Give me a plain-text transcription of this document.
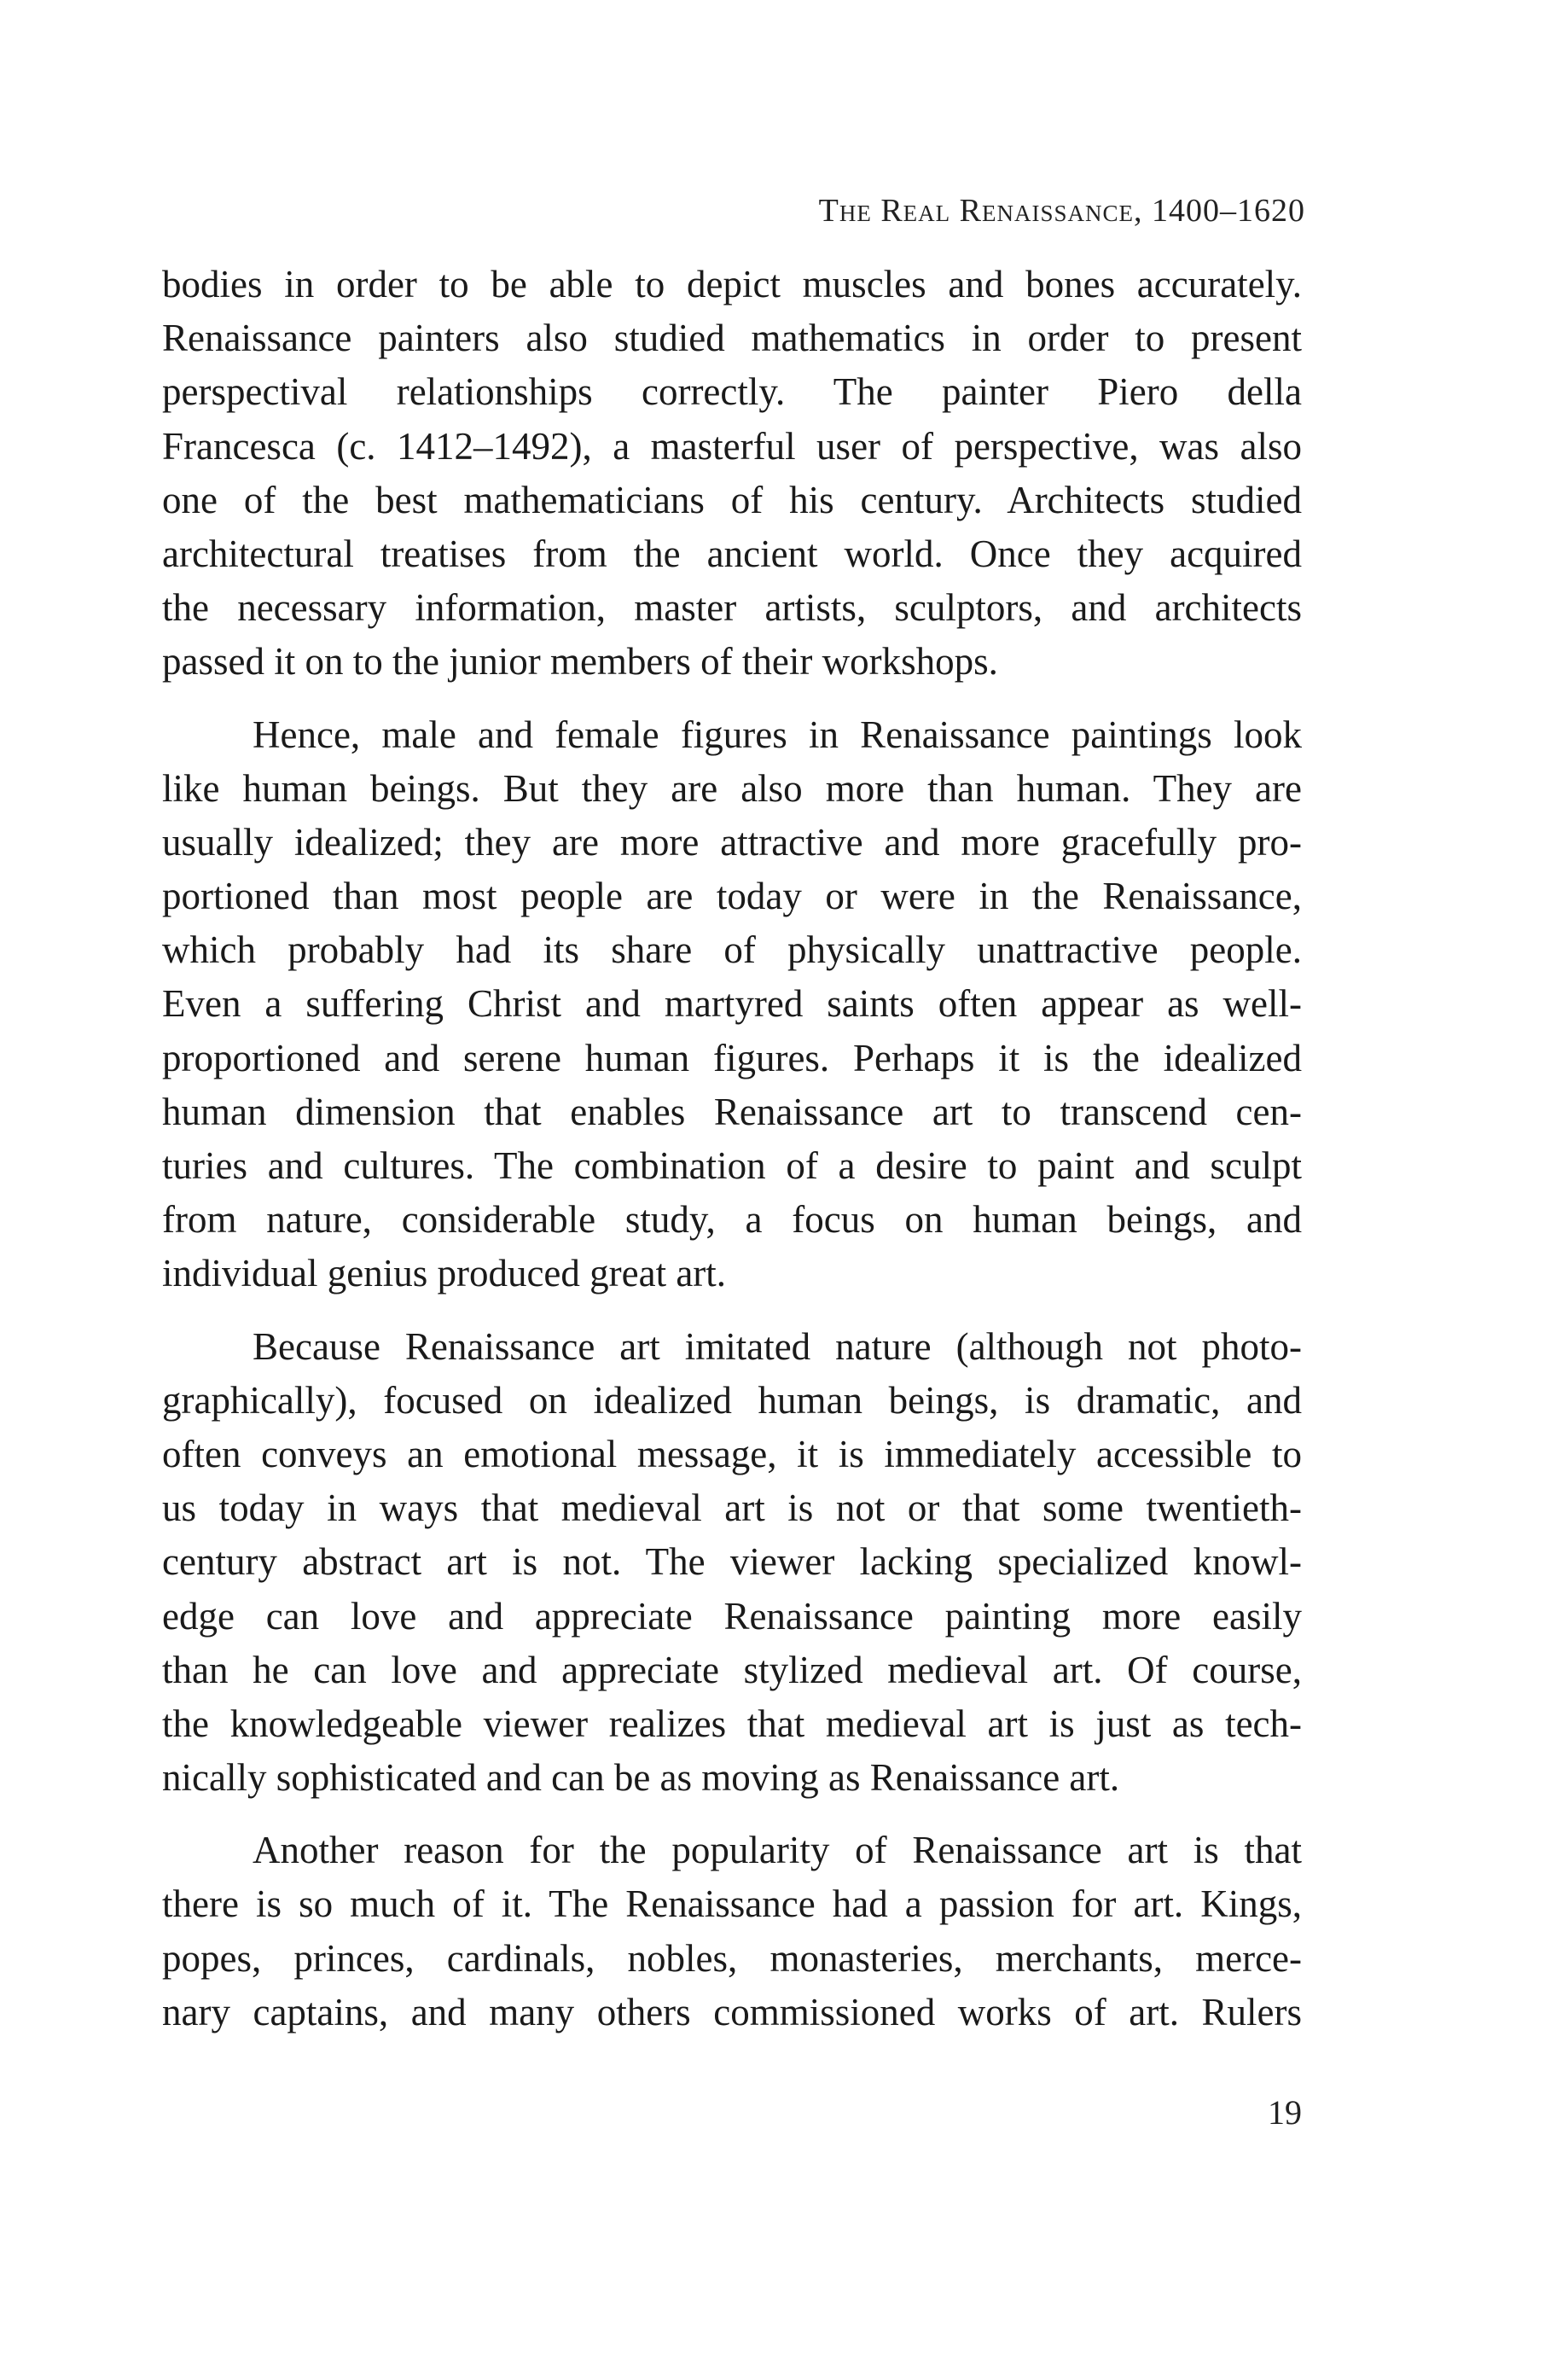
The Real Renaissance, 1400–1620
bodies in order to be able to depict muscles and bones accurately.
Renaissance painters also studied mathematics in order to present
perspectival relationships correctly. The painter Piero della
Francesca (c. 1412–1492), a masterful user of perspective, was also
one of the best mathematicians of his century. Architects studied
architectural treatises from the ancient world. Once they acquired
the necessary information, master artists, sculptors, and architects
passed it on to the junior members of their workshops.
Hence, male and female figures in Renaissance paintings look
like human beings. But they are also more than human. They are
usually idealized; they are more attractive and more gracefully pro-
portioned than most people are today or were in the Renaissance,
which probably had its share of physically unattractive people.
Even a suffering Christ and martyred saints often appear as well-
proportioned and serene human figures. Perhaps it is the idealized
human dimension that enables Renaissance art to transcend cen-
turies and cultures. The combination of a desire to paint and sculpt
from nature, considerable study, a focus on human beings, and
individual genius produced great art.
Because Renaissance art imitated nature (although not photo-
graphically), focused on idealized human beings, is dramatic, and
often conveys an emotional message, it is immediately accessible to
us today in ways that medieval art is not or that some twentieth-
century abstract art is not. The viewer lacking specialized knowl-
edge can love and appreciate Renaissance painting more easily
than he can love and appreciate stylized medieval art. Of course,
the knowledgeable viewer realizes that medieval art is just as tech-
nically sophisticated and can be as moving as Renaissance art.
Another reason for the popularity of Renaissance art is that
there is so much of it. The Renaissance had a passion for art. Kings,
popes, princes, cardinals, nobles, monasteries, merchants, merce-
nary captains, and many others commissioned works of art. Rulers
19
